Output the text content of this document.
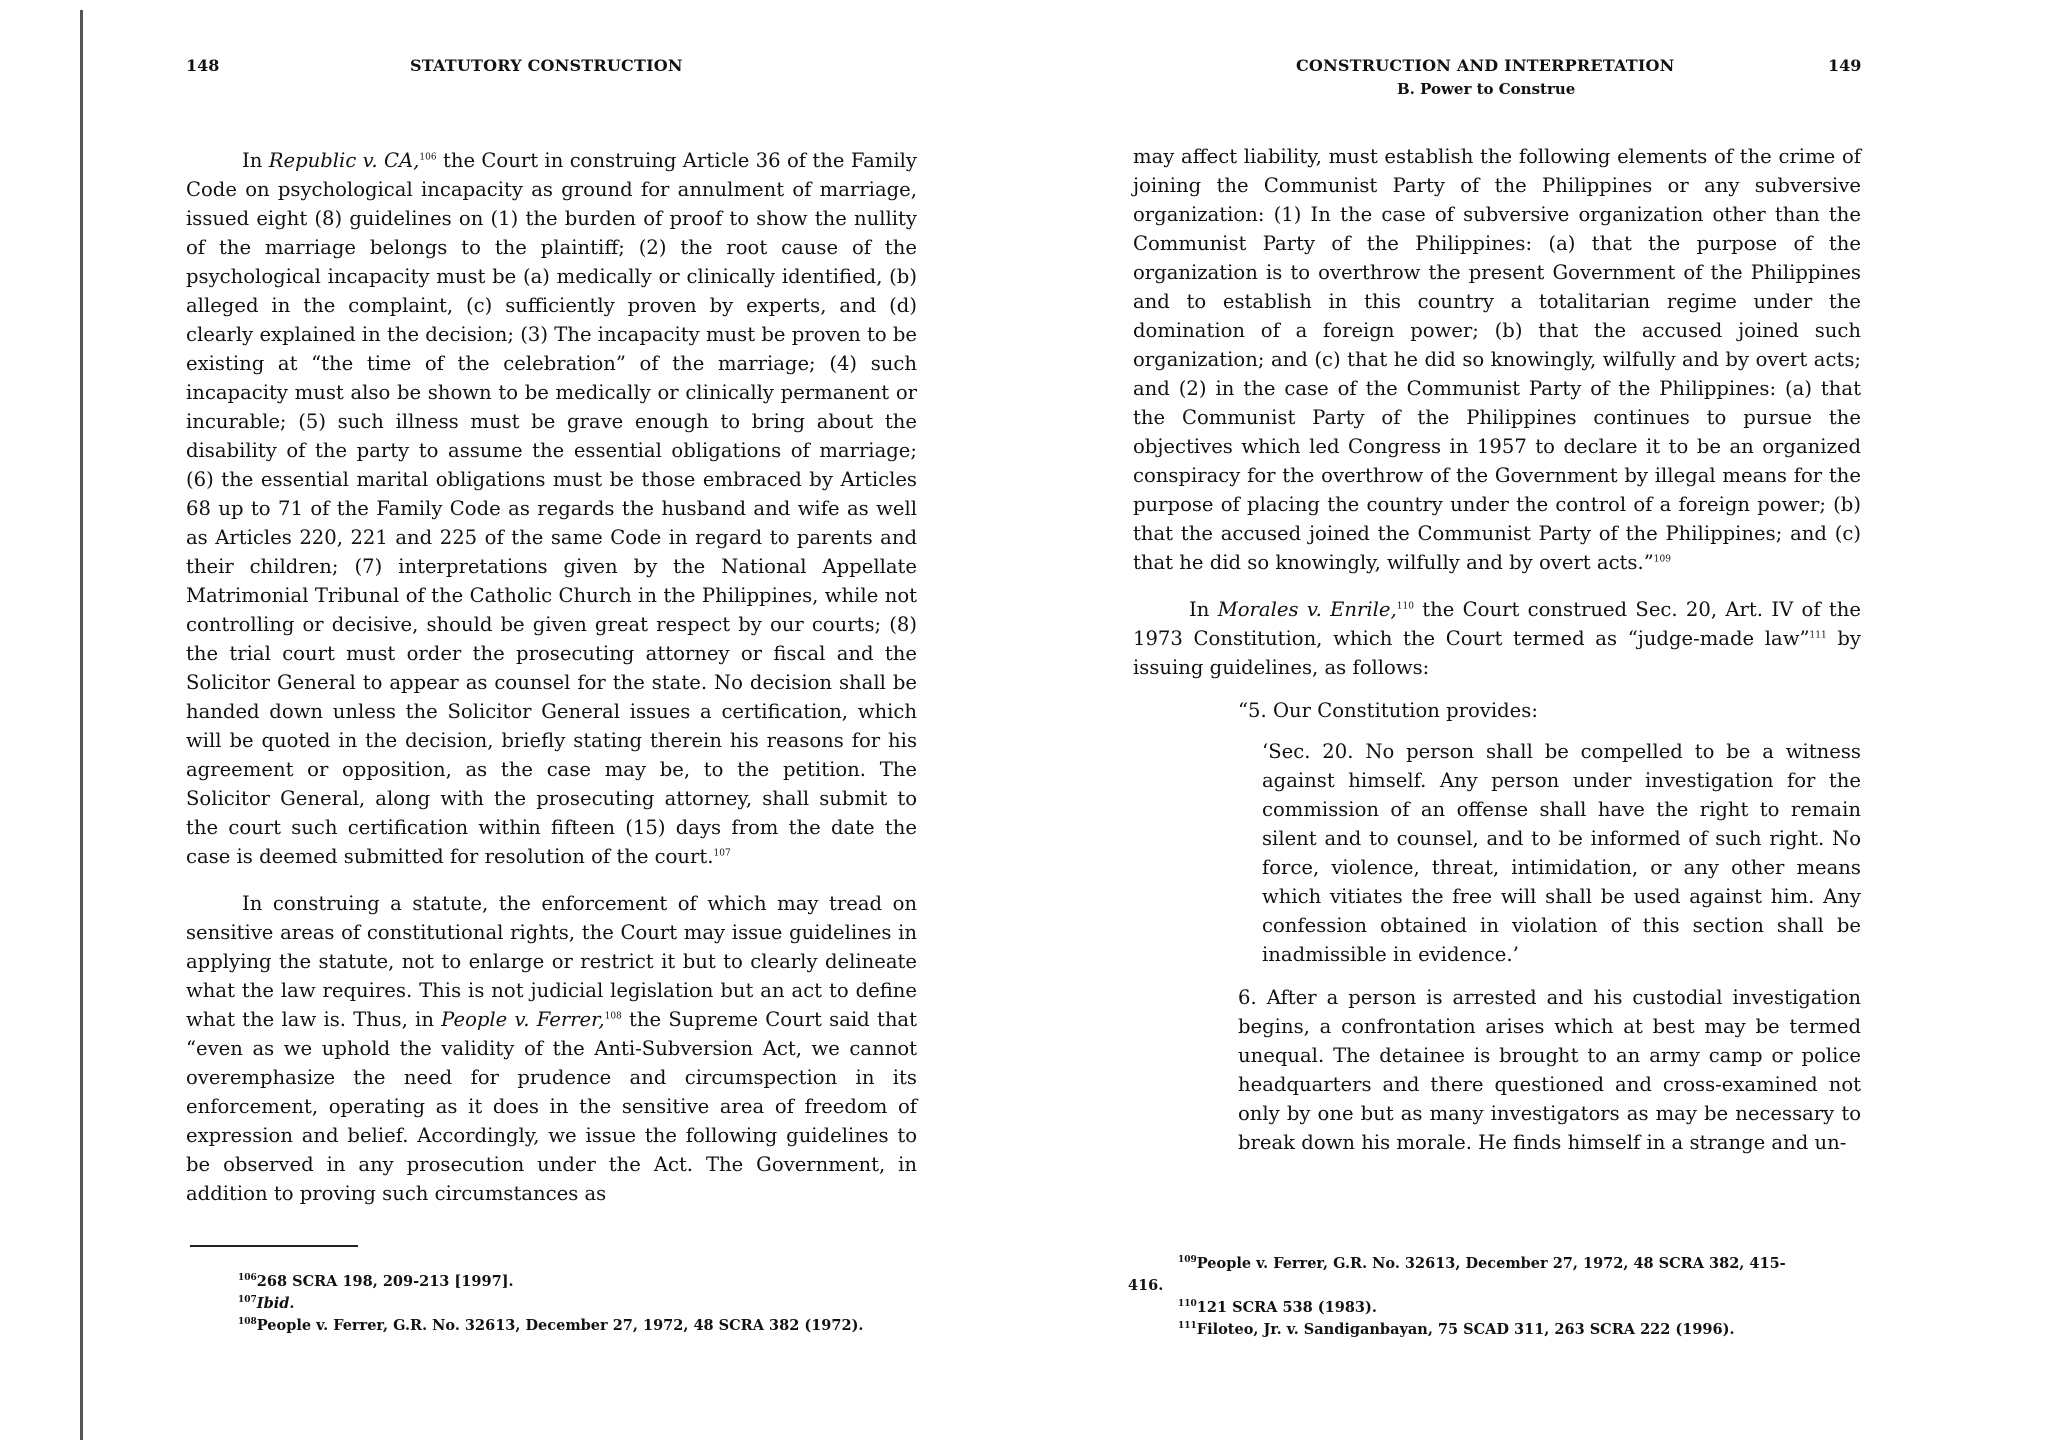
148	STATUTORY CONSTRUCTION

In Republic v. CA,$^{106}$ the Court in construing Article 36 of the Family Code on psychological incapacity as ground for annulment of marriage, issued eight (8) guidelines on (1) the burden of proof to show the nullity of the marriage belongs to the plaintiff; (2) the root cause of the psychological incapacity must be (a) medically or clinically identified, (b) alleged in the complaint, (c) sufficiently proven by experts, and (d) clearly explained in the decision; (3) The incapacity must be proven to be existing at “the time of the celebration” of the marriage; (4) such incapacity must also be shown to be medically or clinically permanent or incurable; (5) such illness must be grave enough to bring about the disability of the party to assume the essential obligations of marriage; (6) the essential marital obligations must be those embraced by Articles 68 up to 71 of the Family Code as regards the husband and wife as well as Articles 220, 221 and 225 of the same Code in regard to parents and their children; (7) interpretations given by the National Appellate Matrimonial Tribunal of the Catholic Church in the Philippines, while not controlling or decisive, should be given great respect by our courts; (8) the trial court must order the prosecuting attorney or fiscal and the Solicitor General to appear as counsel for the state. No decision shall be handed down unless the Solicitor General issues a certification, which will be quoted in the decision, briefly stating therein his reasons for his agreement or opposition, as the case may be, to the petition. The Solicitor General, along with the prosecuting attorney, shall submit to the court such certification within fifteen (15) days from the date the case is deemed submitted for resolution of the court.$^{107}$

In construing a statute, the enforcement of which may tread on sensitive areas of constitutional rights, the Court may issue guidelines in applying the statute, not to enlarge or restrict it but to clearly delineate what the law requires. This is not judicial legislation but an act to define what the law is. Thus, in People v. Ferrer,$^{108}$ the Supreme Court said that “even as we uphold the validity of the Anti-Subversion Act, we cannot overemphasize the need for prudence and circumspection in its enforcement, operating as it does in the sensitive area of freedom of expression and belief. Accordingly, we issue the following guidelines to be observed in any prosecution under the Act. The Government, in addition to proving such circumstances as

$^{106}$268 SCRA 198, 209-213 [1997].
$^{107}$Ibid.
$^{108}$People v. Ferrer, G.R. No. 32613, December 27, 1972, 48 SCRA 382 (1972).
CONSTRUCTION AND INTERPRETATION	149
B. Power to Construe

may affect liability, must establish the following elements of the crime of joining the Communist Party of the Philippines or any subversive organization: (1) In the case of subversive organization other than the Communist Party of the Philippines: (a) that the purpose of the organization is to overthrow the present Government of the Philippines and to establish in this country a totalitarian regime under the domination of a foreign power; (b) that the accused joined such organization; and (c) that he did so knowingly, wilfully and by overt acts; and (2) in the case of the Communist Party of the Philippines: (a) that the Communist Party of the Philippines continues to pursue the objectives which led Congress in 1957 to declare it to be an organized conspiracy for the overthrow of the Government by illegal means for the purpose of placing the country under the control of a foreign power; (b) that the accused joined the Communist Party of the Philippines; and (c) that he did so knowingly, wilfully and by overt acts.”$^{109}$

In Morales v. Enrile,$^{110}$ the Court construed Sec. 20, Art. IV of the 1973 Constitution, which the Court termed as “judge-made law”$^{111}$ by issuing guidelines, as follows:

“5. Our Constitution provides:

‘Sec. 20. No person shall be compelled to be a witness against himself. Any person under investigation for the commission of an offense shall have the right to remain silent and to counsel, and to be informed of such right. No force, violence, threat, intimidation, or any other means which vitiates the free will shall be used against him. Any confession obtained in violation of this section shall be inadmissible in evidence.’

6. After a person is arrested and his custodial investigation begins, a confrontation arises which at best may be termed unequal. The detainee is brought to an army camp or police headquarters and there questioned and cross-examined not only by one but as many investigators as may be necessary to break down his morale. He finds himself in a strange and un-

$^{109}$People v. Ferrer, G.R. No. 32613, December 27, 1972, 48 SCRA 382, 415-
416.
$^{110}$121 SCRA 538 (1983).
$^{111}$Filoteo, Jr. v. Sandiganbayan, 75 SCAD 311, 263 SCRA 222 (1996).
